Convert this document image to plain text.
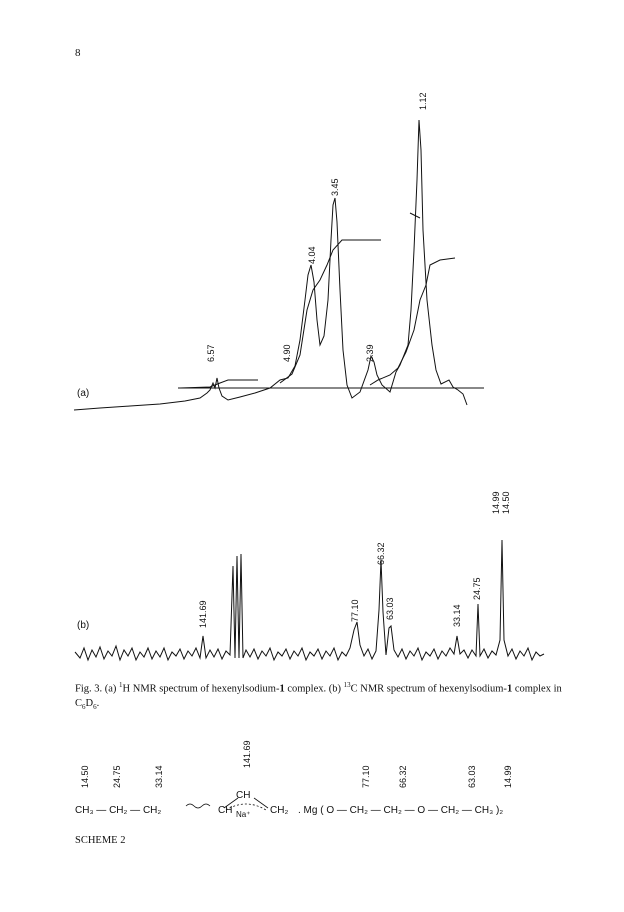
8
(a)
(b)
6.57	4.90
4.04
3.45
2.39
1.12
141.69	77.10
66.32
63.03	33.14
24.75
14.99 14.50
Fig. 3. (a) $^1$H NMR spectrum of hexenylsodium-1 complex. (b) $^{13}$C NMR spectrum of hexenylsodium-1 complex in $C_6D_6$.
14.50 24.75	33.14
141.69
77.10	66.32	63.03	14.99
CH₃ — CH₂ — CH₂	CH
CH
Na⁺ CH₂ . Mg ( O — CH₂ — CH₂ — O — CH₂ — CH₃ )₂
SCHEME 2
